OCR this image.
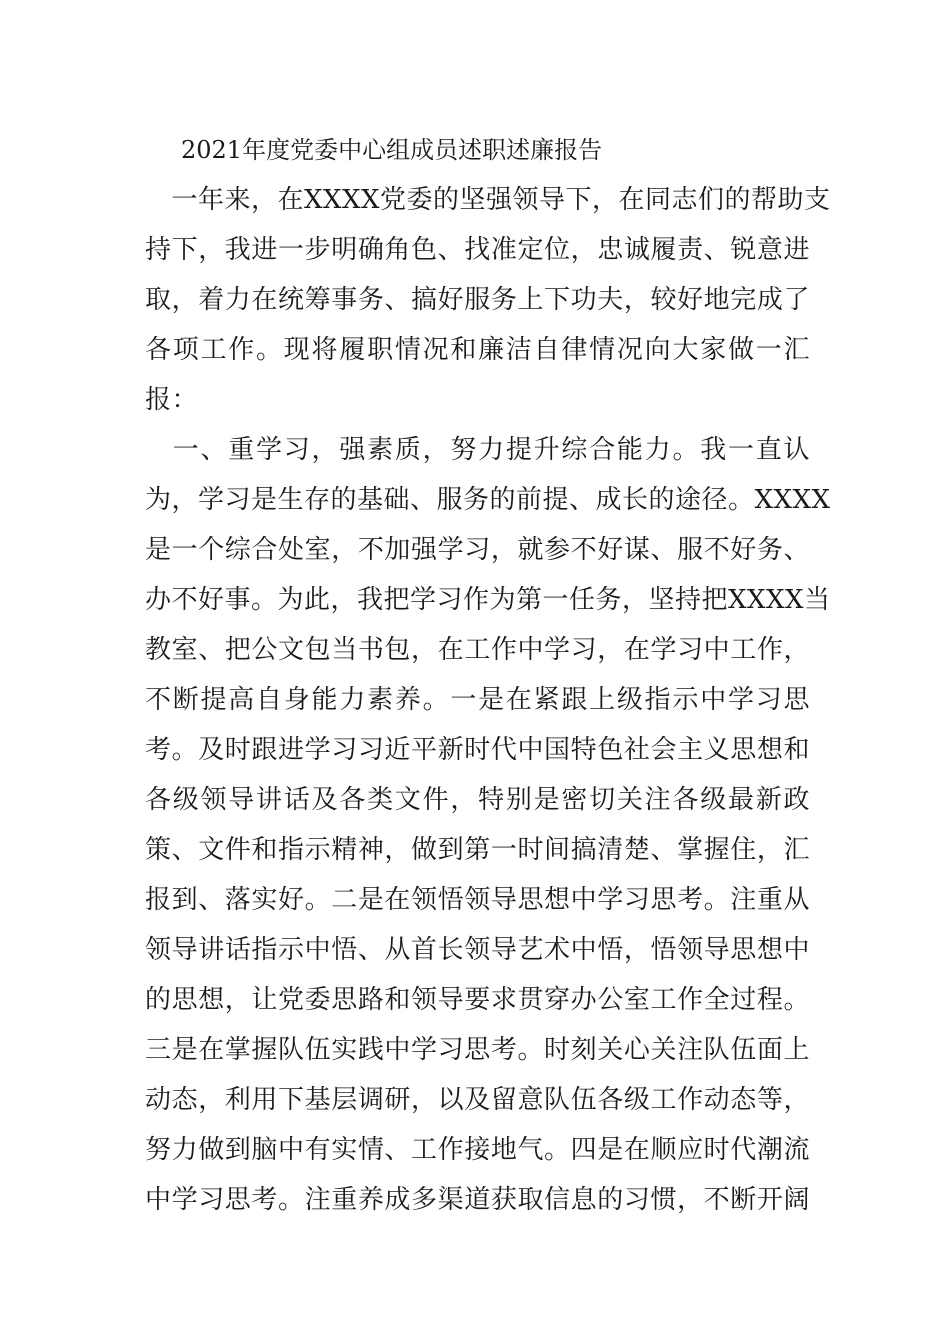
2021年度党委中心组成员述职述廉报告
　一年来，在XXXX党委的坚强领导下，在同志们的帮助支
持下，我进一步明确角色、找准定位，忠诚履责、锐意进
取，着力在统筹事务、搞好服务上下功夫，较好地完成了
各项工作。现将履职情况和廉洁自律情况向大家做一汇
报：
　一、重学习，强素质，努力提升综合能力。我一直认
为，学习是生存的基础、服务的前提、成长的途径。XXXX
是一个综合处室，不加强学习，就参不好谋、服不好务、
办不好事。为此，我把学习作为第一任务，坚持把XXXX当
教室、把公文包当书包，在工作中学习，在学习中工作，
不断提高自身能力素养。一是在紧跟上级指示中学习思
考。及时跟进学习习近平新时代中国特色社会主义思想和
各级领导讲话及各类文件，特别是密切关注各级最新政
策、文件和指示精神，做到第一时间搞清楚、掌握住，汇
报到、落实好。二是在领悟领导思想中学习思考。注重从
领导讲话指示中悟、从首长领导艺术中悟，悟领导思想中
的思想，让党委思路和领导要求贯穿办公室工作全过程。
三是在掌握队伍实践中学习思考。时刻关心关注队伍面上
动态，利用下基层调研，以及留意队伍各级工作动态等，
努力做到脑中有实情、工作接地气。四是在顺应时代潮流
中学习思考。注重养成多渠道获取信息的习惯，不断开阔
